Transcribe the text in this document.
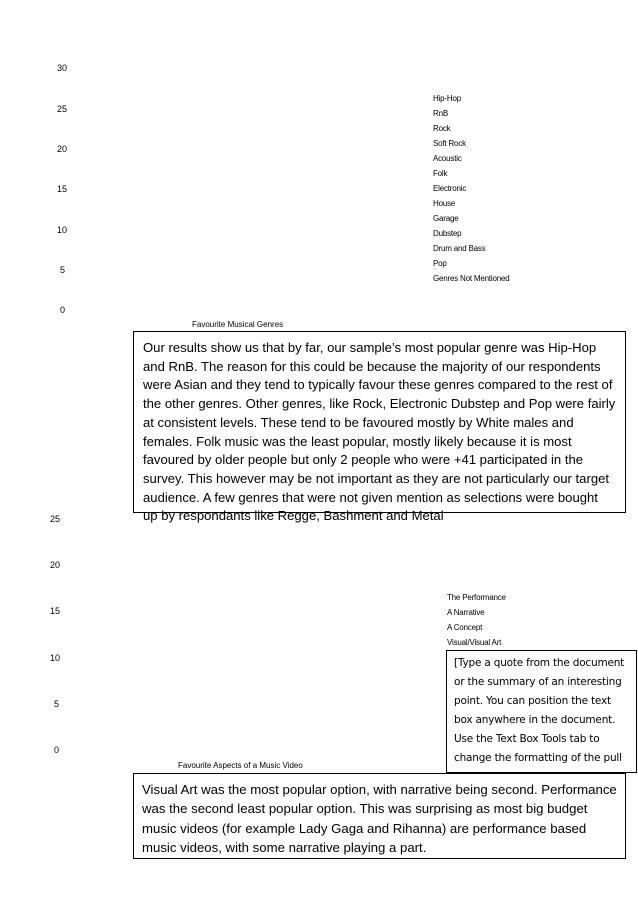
30
25
20
15
10
5
0
Hip-Hop
RnB
Rock
Soft Rock
Acoustic
Folk
Electronic
House
Garage
Dubstep
Drum and Bass
Pop
Genres Not Mentioned
Favourite Musical Genres

Our results show us that by far, our sample’s most popular genre was Hip-Hop and RnB. The reason for this could be because the majority of our respondents were Asian and they tend to typically favour these genres compared to the rest of the other genres. Other genres, like Rock, Electronic Dubstep and Pop were fairly at consistent levels. These tend to be favoured mostly by White males and females. Folk music was the least popular, mostly likely because it is most favoured by older people but only 2 people who were +41 participated in the survey. This however may be not important as they are not particularly our target audience. A few genres that were not given mention as selections were bought up by respondants like Regge, Bashment and Metal

25
20
15
10
5
0
The Performance
A Narrative
A Concept
Visual/Visual Art
Favourite Aspects of a Music Video

[Type a quote from the document or the summary of an interesting point. You can position the text box anywhere in the document. Use the Text Box Tools tab to change the formatting of the pull

Visual Art was the most popular option, with narrative being second. Performance was the second least popular option. This was surprising as most big budget music videos (for example Lady Gaga and Rihanna) are performance based music videos, with some narrative playing a part.
